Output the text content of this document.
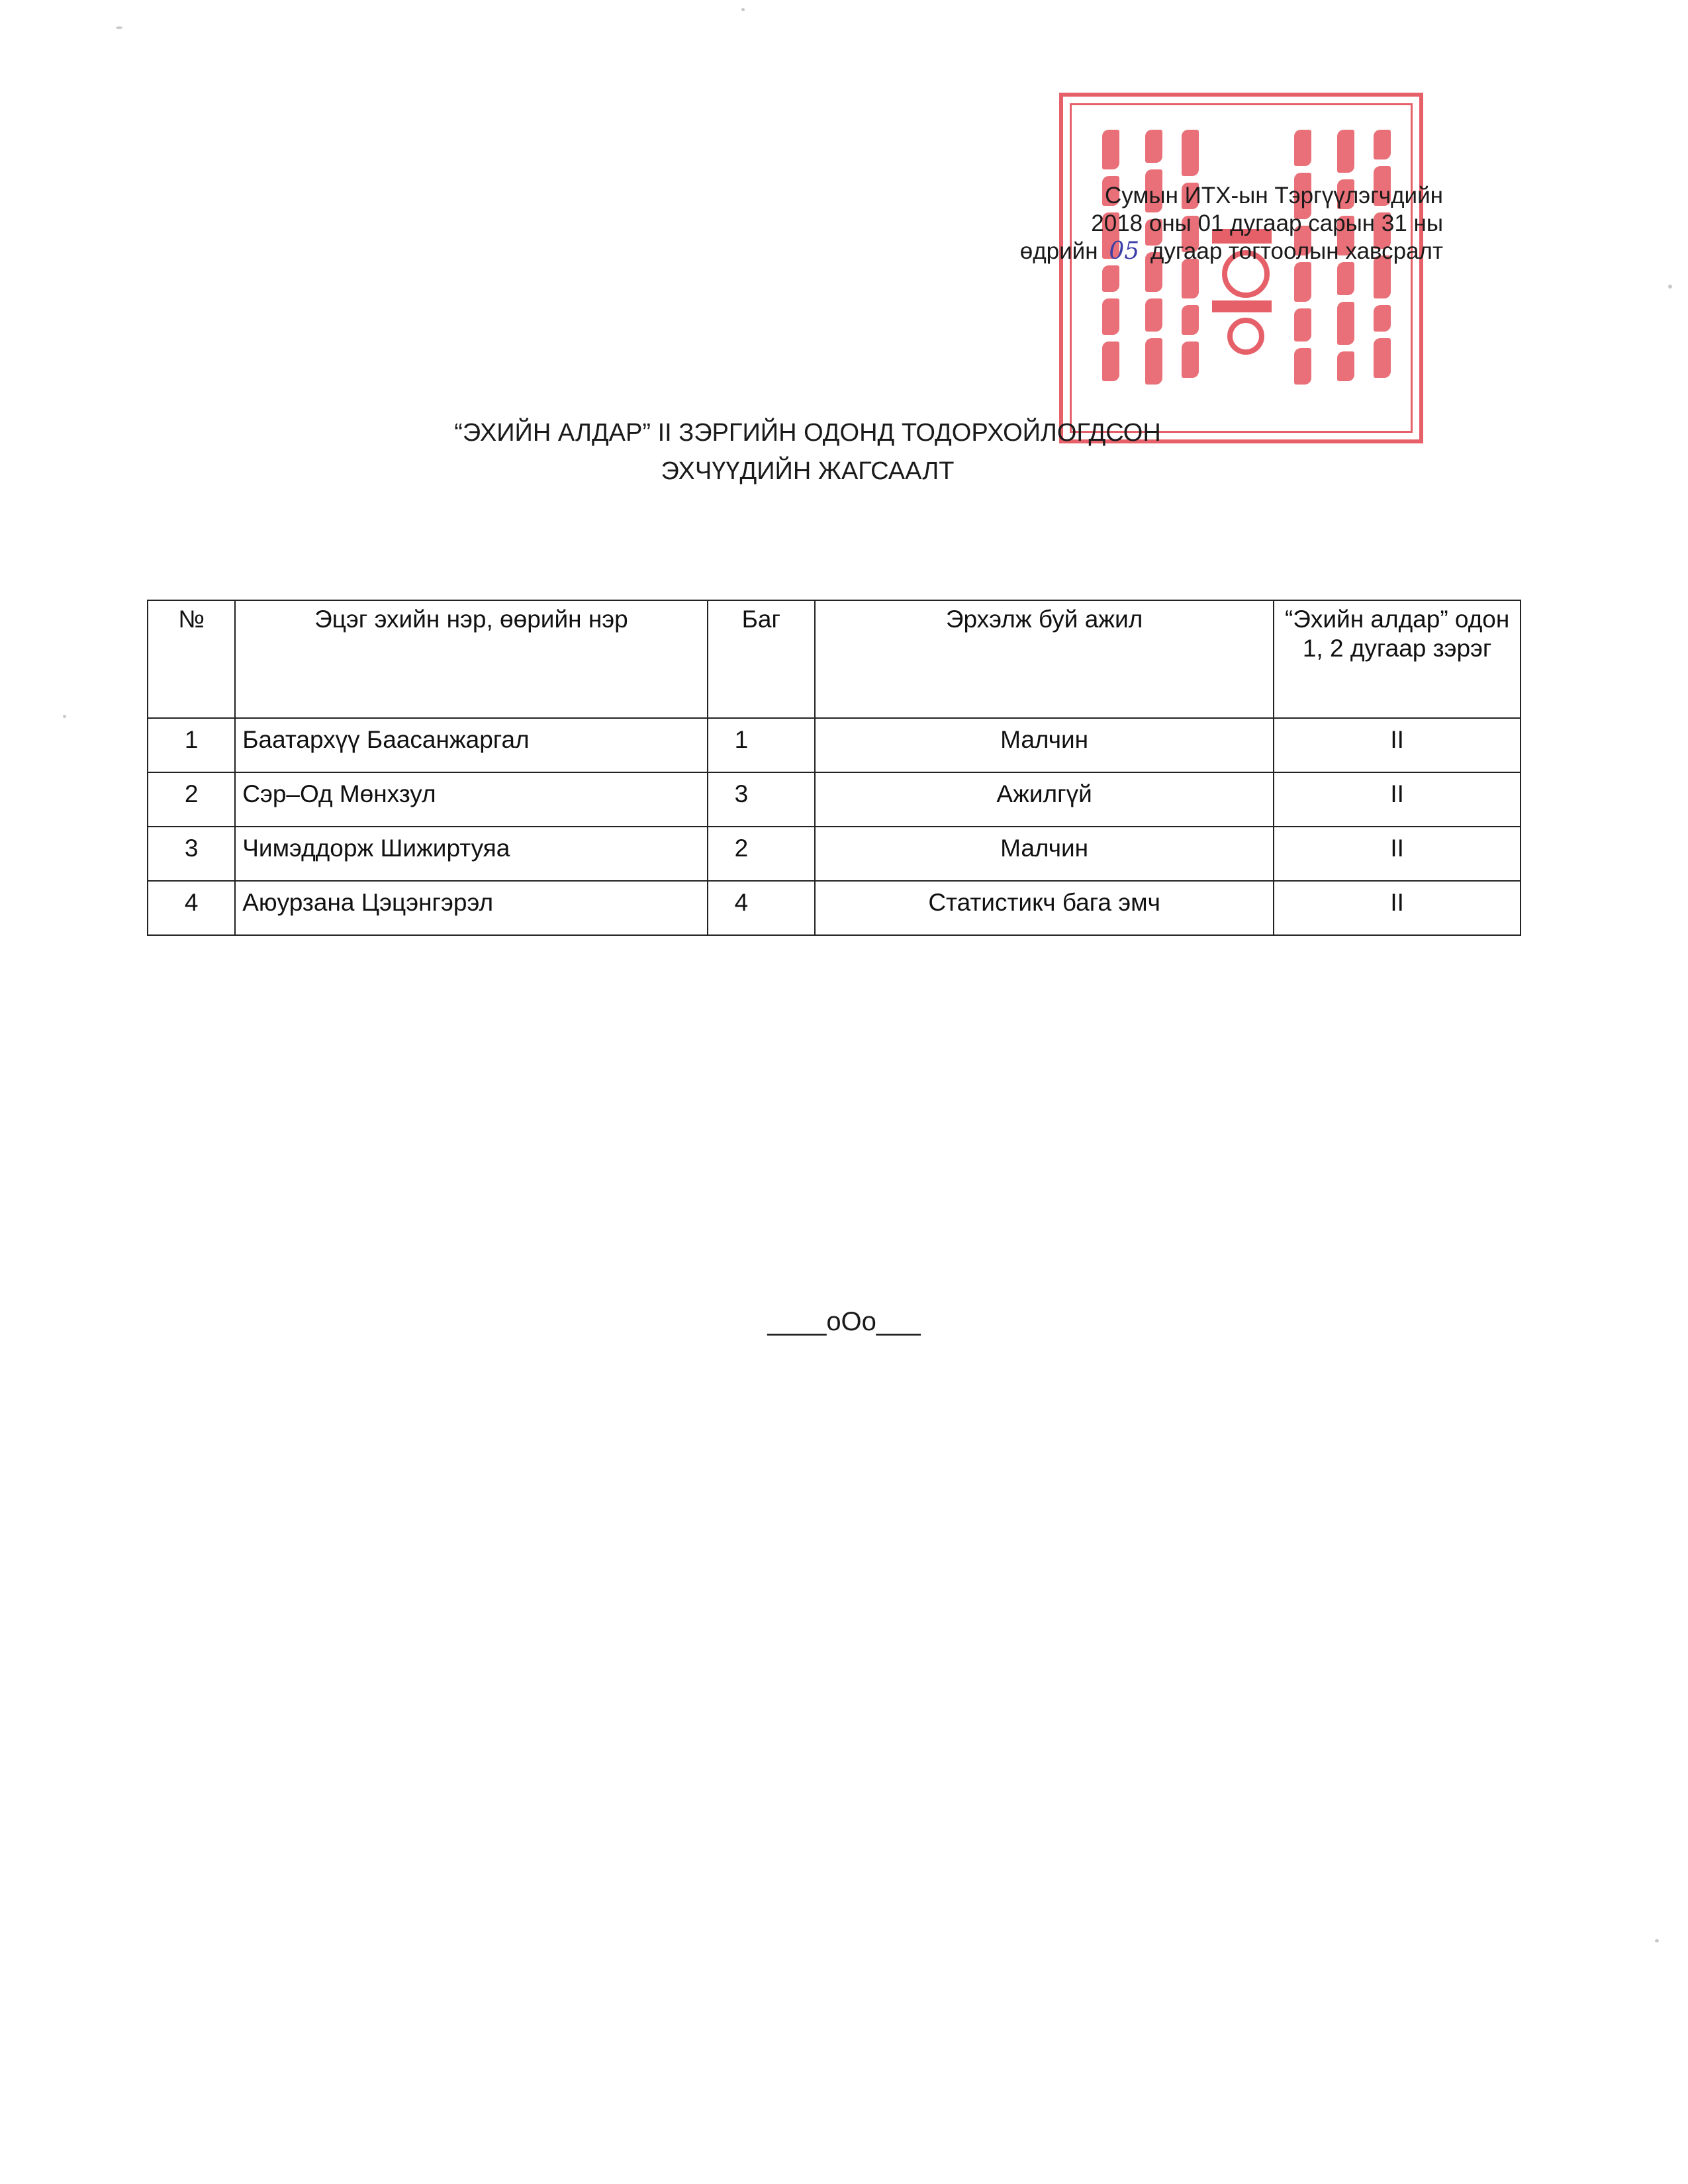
Сумын ИТХ-ын Тэргүүлэгчдийн
2018 оны 01 дугаар сарын 31 ны
өдрийн 05 дугаар тогтоолын хавсралт
“ЭХИЙН АЛДАР” II ЗЭРГИЙН ОДОНД ТОДОРХОЙЛОГДСОН
ЭХЧҮҮДИЙН ЖАГСААЛТ
№	Эцэг эхийн нэр, өөрийн нэр	Баг	Эрхэлж буй ажил	“Эхийн алдар” одон 1, 2 дугаар зэрэг
1	Баатархүү Баасанжаргал	1	Малчин	II
2	Сэр–Од Мөнхзул	3	Ажилгүй	II
3	Чимэддорж Шижиртуяа	2	Малчин	II
4	Аюурзана Цэцэнгэрэл	4	Статистикч бага эмч	II
____oOo___
